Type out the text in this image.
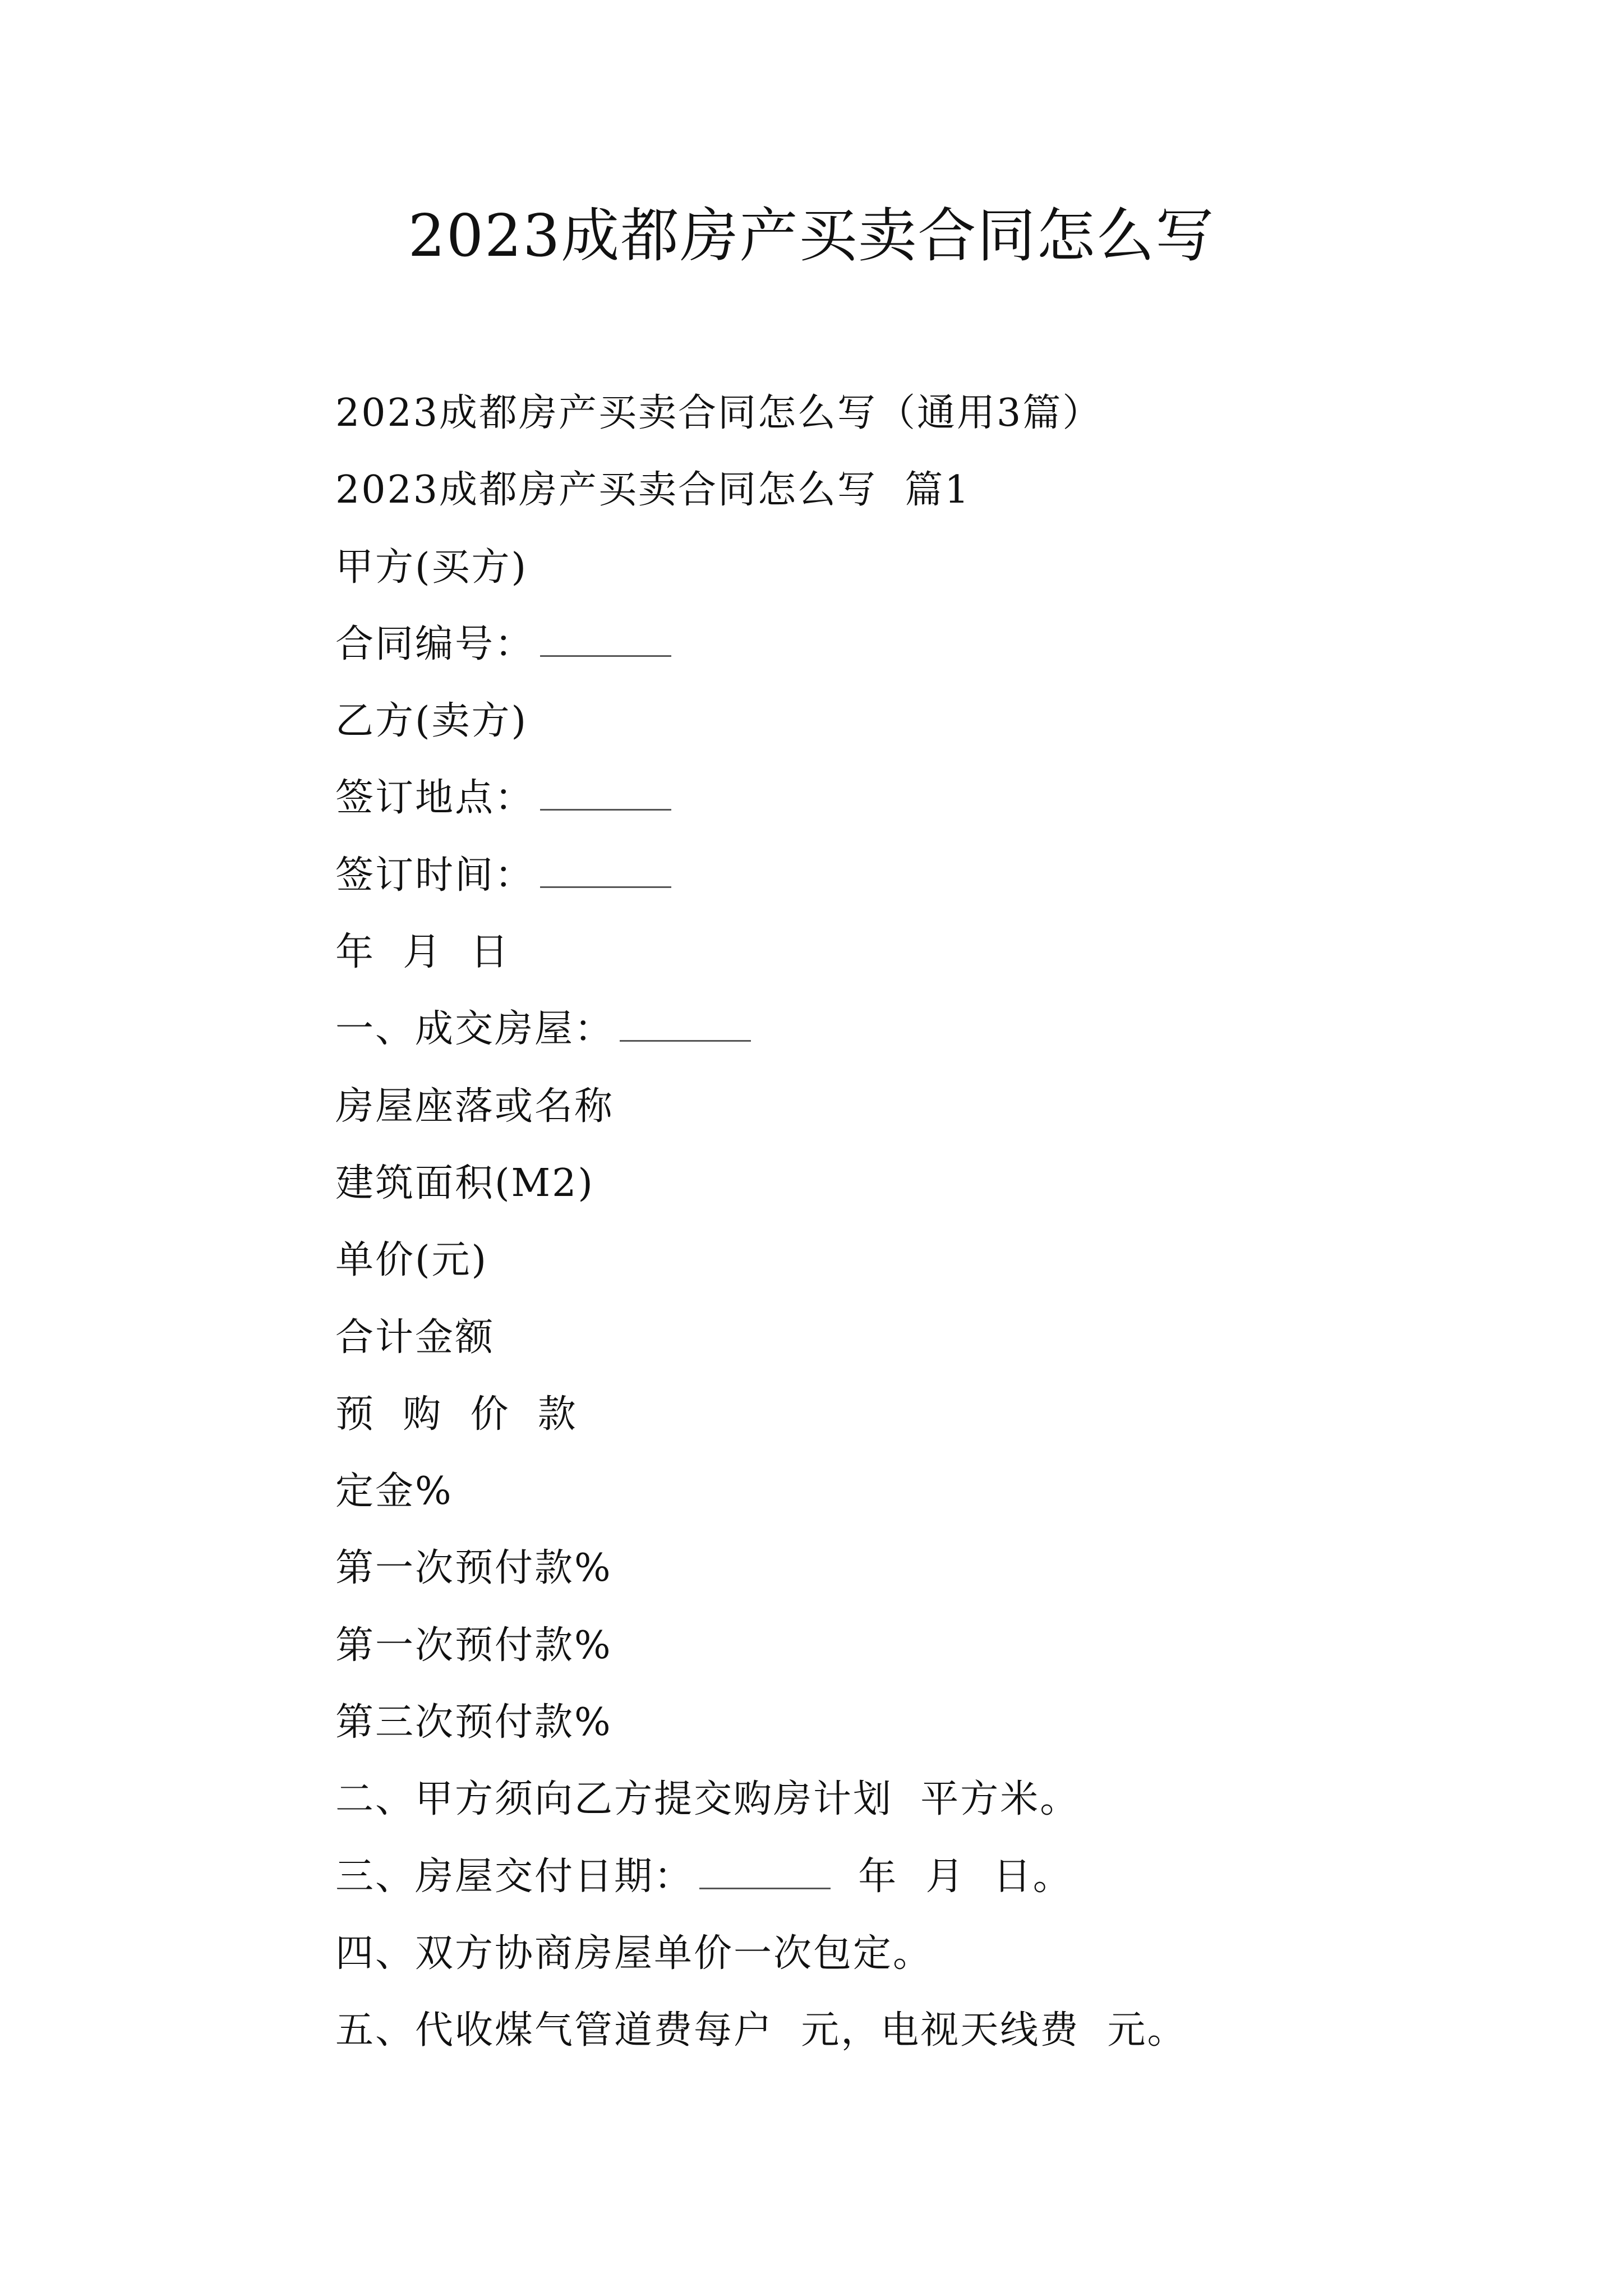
2023成都房产买卖合同怎么写
2023成都房产买卖合同怎么写（通用3篇）
2023成都房产买卖合同怎么写  篇1
甲方(买方)
合同编号：
乙方(卖方)
签订地点：
签订时间：
年  月  日
一、成交房屋：
房屋座落或名称
建筑面积(M2)
单价(元)
合计金额
预  购  价  款
定金%
第一次预付款%
第一次预付款%
第三次预付款%
二、甲方须向乙方提交购房计划  平方米。
三、房屋交付日期：	年  月  日。
四、双方协商房屋单价一次包定。
五、代收煤气管道费每户  元，电视天线费  元。
